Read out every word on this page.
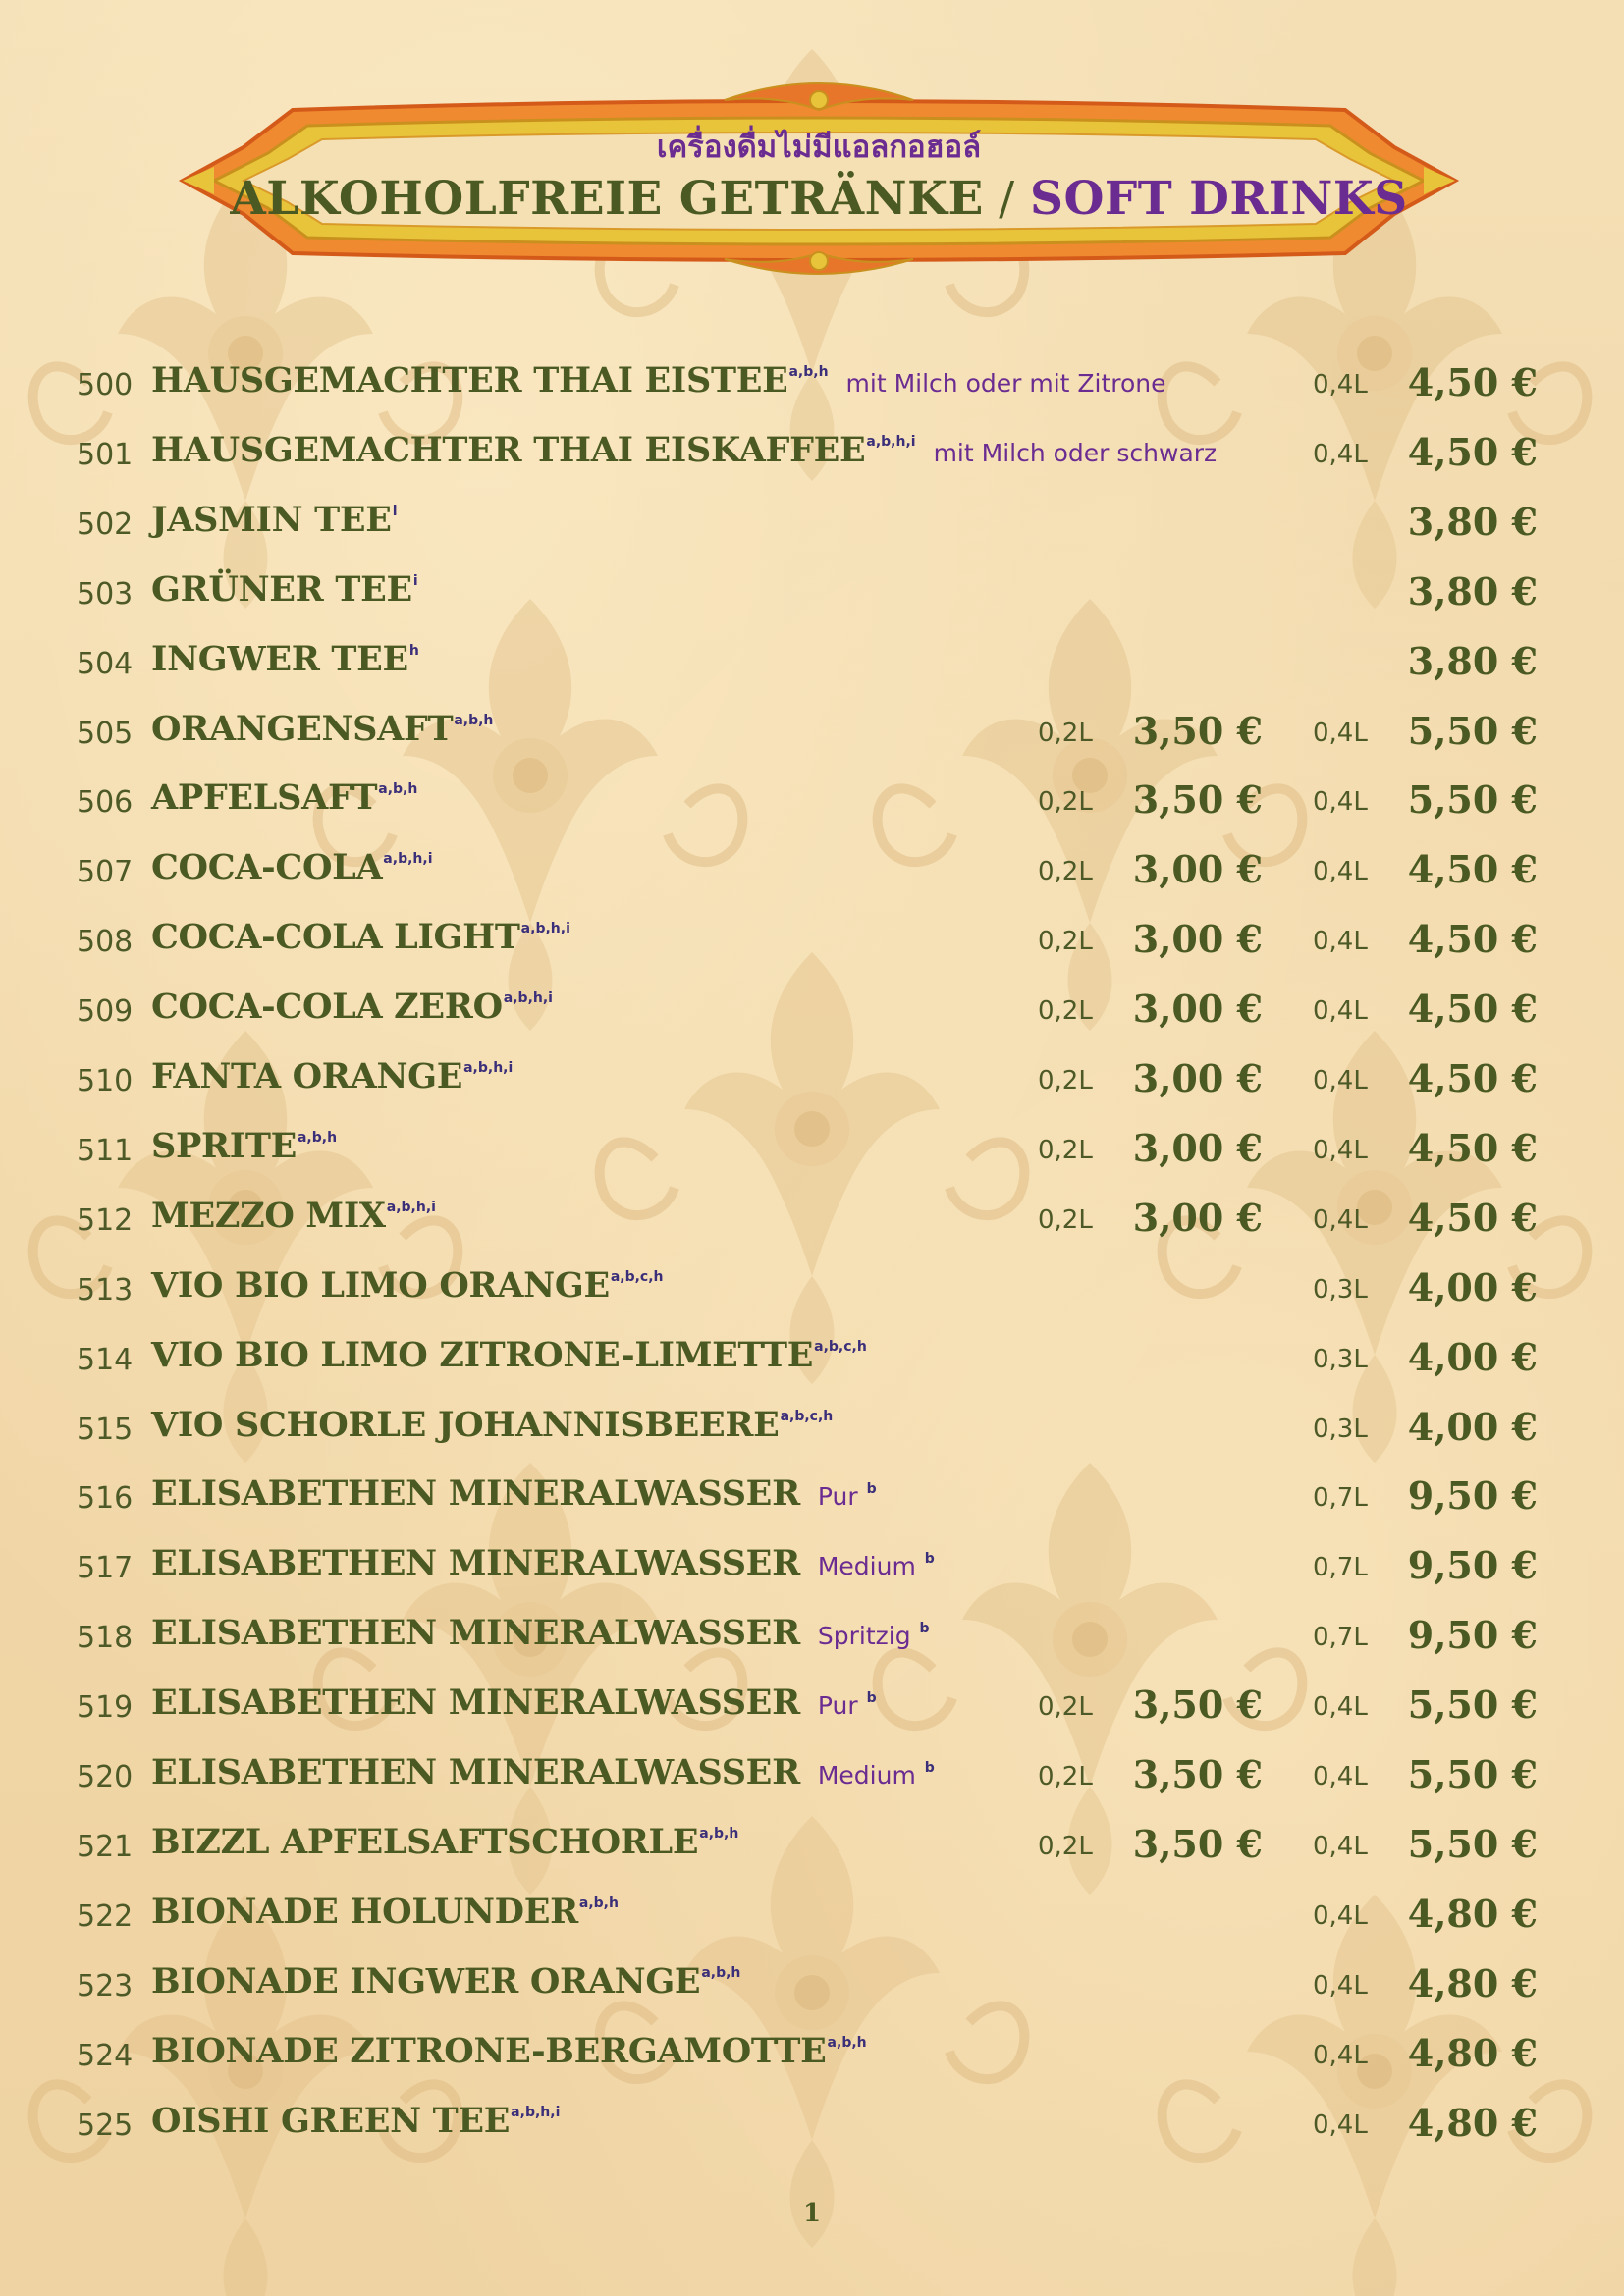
เครื่องดื่มไม่มีแอลกอฮอล์
ALKOHOLFREIE GETRÄNKE / SOFT DRINKS
500 HAUSGEMACHTER THAI EISTEE$^{a,b,h}$ mit Milch oder mit Zitrone	0,4L 4,50 €
501 HAUSGEMACHTER THAI EISKAFFEE$^{a,b,h,i}$ mit Milch oder schwarz	0,4L 4,50 €
502 JASMIN TEE$^i$	3,80 €
503 GRÜNER TEE$^i$	3,80 €
504 INGWER TEE$^h$	3,80 €
505 ORANGENSAFT$^{a,b,h}$	0,2L 3,50 € 0,4L 5,50 €
506 APFELSAFT$^{a,b,h}$	0,2L 3,50 € 0,4L 5,50 €
507 COCA-COLA$^{a,b,h,i}$	0,2L 3,00 € 0,4L 4,50 €
508 COCA-COLA LIGHT$^{a,b,h,i}$	0,2L 3,00 € 0,4L 4,50 €
509 COCA-COLA ZERO$^{a,b,h,i}$	0,2L 3,00 € 0,4L 4,50 €
510 FANTA ORANGE$^{a,b,h,i}$	0,2L 3,00 € 0,4L 4,50 €
511 SPRITE$^{a,b,h}$	0,2L 3,00 € 0,4L 4,50 €
512 MEZZO MIX$^{a,b,h,i}$	0,2L 3,00 € 0,4L 4,50 €
513 VIO BIO LIMO ORANGE$^{a,b,c,h}$	0,3L 4,00 €
514 VIO BIO LIMO ZITRONE-LIMETTE$^{a,b,c,h}$	0,3L 4,00 €
515 VIO SCHORLE JOHANNISBEERE$^{a,b,c,h}$	0,3L 4,00 €
516 ELISABETHEN MINERALWASSER Pur $^b$	0,7L 9,50 €
517 ELISABETHEN MINERALWASSER Medium $^b$	0,7L 9,50 €
518 ELISABETHEN MINERALWASSER Spritzig $^b$	0,7L 9,50 €
519 ELISABETHEN MINERALWASSER Pur $^b$	0,2L 3,50 € 0,4L 5,50 €
520 ELISABETHEN MINERALWASSER Medium $^b$	0,2L 3,50 € 0,4L 5,50 €
521 BIZZL APFELSAFTSCHORLE$^{a,b,h}$	0,2L 3,50 € 0,4L 5,50 €
522 BIONADE HOLUNDER$^{a,b,h}$	0,4L 4,80 €
523 BIONADE INGWER ORANGE$^{a,b,h}$	0,4L 4,80 €
524 BIONADE ZITRONE-BERGAMOTTE$^{a,b,h}$	0,4L 4,80 €
525 OISHI GREEN TEE$^{a,b,h,i}$	0,4L 4,80 €
1
